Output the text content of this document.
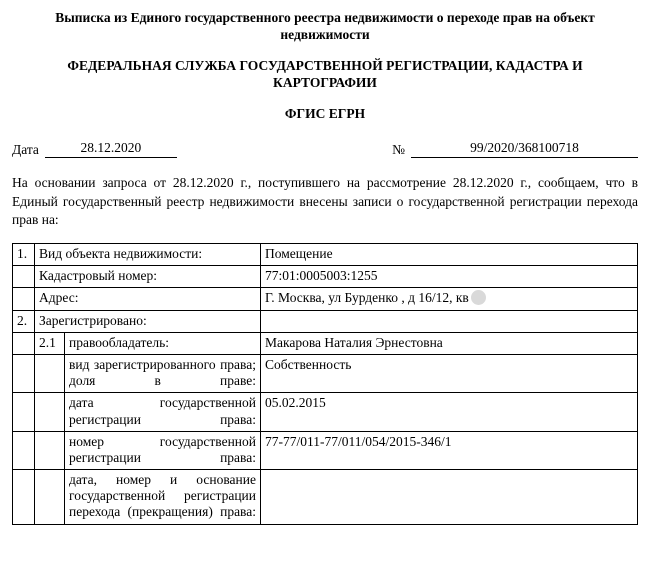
Выписка из Единого государственного реестра недвижимости о переходе прав на объект недвижимости
ФЕДЕРАЛЬНАЯ СЛУЖБА ГОСУДАРСТВЕННОЙ РЕГИСТРАЦИИ, КАДАСТРА И КАРТОГРАФИИ
ФГИС ЕГРН
Дата	28.12.2020	№	99/2020/368100718
На основании запроса от 28.12.2020 г., поступившего на рассмотрение 28.12.2020 г., сообщаем, что в Единый государственный реестр недвижимости внесены записи о государственной регистрации перехода прав на:
1.	Вид объекта недвижимости:		Помещение
	Кадастровый номер:		77:01:0005003:1255
	Адрес:		Г. Москва, ул Бурденко , д 16/12, кв
2.	Зарегистрировано:		
	2.1	правообладатель:	Макарова Наталия Эрнестовна
		вид зарегистрированного права; доля в праве:	Собственность
		дата государственной регистрации права:	05.02.2015
		номер государственной регистрации права:	77-77/011-77/011/054/2015-346/1
		дата, номер и основание государственной регистрации перехода (прекращения) права:	
